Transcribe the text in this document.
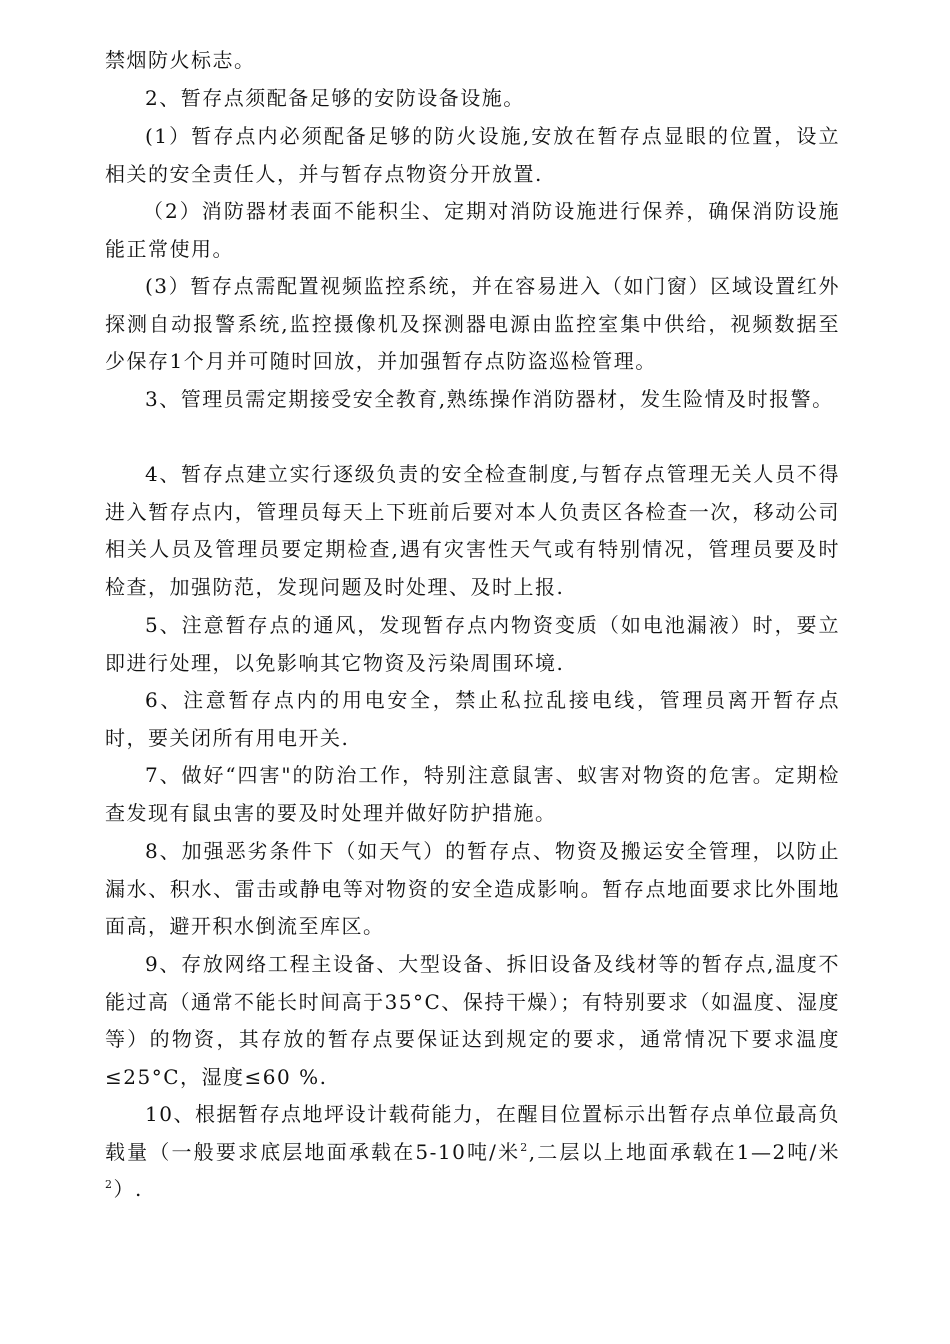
禁烟防火标志。

2、暂存点须配备足够的安防设备设施。

(1）暂存点内必须配备足够的防火设施,安放在暂存点显眼的位置，设立相关的安全责任人，并与暂存点物资分开放置.

（2）消防器材表面不能积尘、定期对消防设施进行保养，确保消防设施能正常使用。

(3）暂存点需配置视频监控系统，并在容易进入（如门窗）区域设置红外探测自动报警系统,监控摄像机及探测器电源由监控室集中供给，视频数据至少保存1个月并可随时回放，并加强暂存点防盗巡检管理。

3、管理员需定期接受安全教育,熟练操作消防器材，发生险情及时报警。

4、暂存点建立实行逐级负责的安全检查制度,与暂存点管理无关人员不得进入暂存点内，管理员每天上下班前后要对本人负责区各检查一次，移动公司相关人员及管理员要定期检查,遇有灾害性天气或有特别情况，管理员要及时检查，加强防范，发现问题及时处理、及时上报.

5、注意暂存点的通风，发现暂存点内物资变质（如电池漏液）时，要立即进行处理，以免影响其它物资及污染周围环境.

6、注意暂存点内的用电安全，禁止私拉乱接电线，管理员离开暂存点时，要关闭所有用电开关.

7、做好“四害"的防治工作，特别注意鼠害、蚁害对物资的危害。定期检查发现有鼠虫害的要及时处理并做好防护措施。

8、加强恶劣条件下（如天气）的暂存点、物资及搬运安全管理，以防止漏水、积水、雷击或静电等对物资的安全造成影响。暂存点地面要求比外围地面高，避开积水倒流至库区。

9、存放网络工程主设备、大型设备、拆旧设备及线材等的暂存点,温度不能过高（通常不能长时间高于35°C、保持干燥）；有特别要求（如温度、湿度等）的物资，其存放的暂存点要保证达到规定的要求，通常情况下要求温度≤25°C，湿度≤60 %.

10、根据暂存点地坪设计载荷能力，在醒目位置标示出暂存点单位最高负载量（一般要求底层地面承载在5-10吨/米$^2$,二层以上地面承载在1—2吨/米$^2$）.
